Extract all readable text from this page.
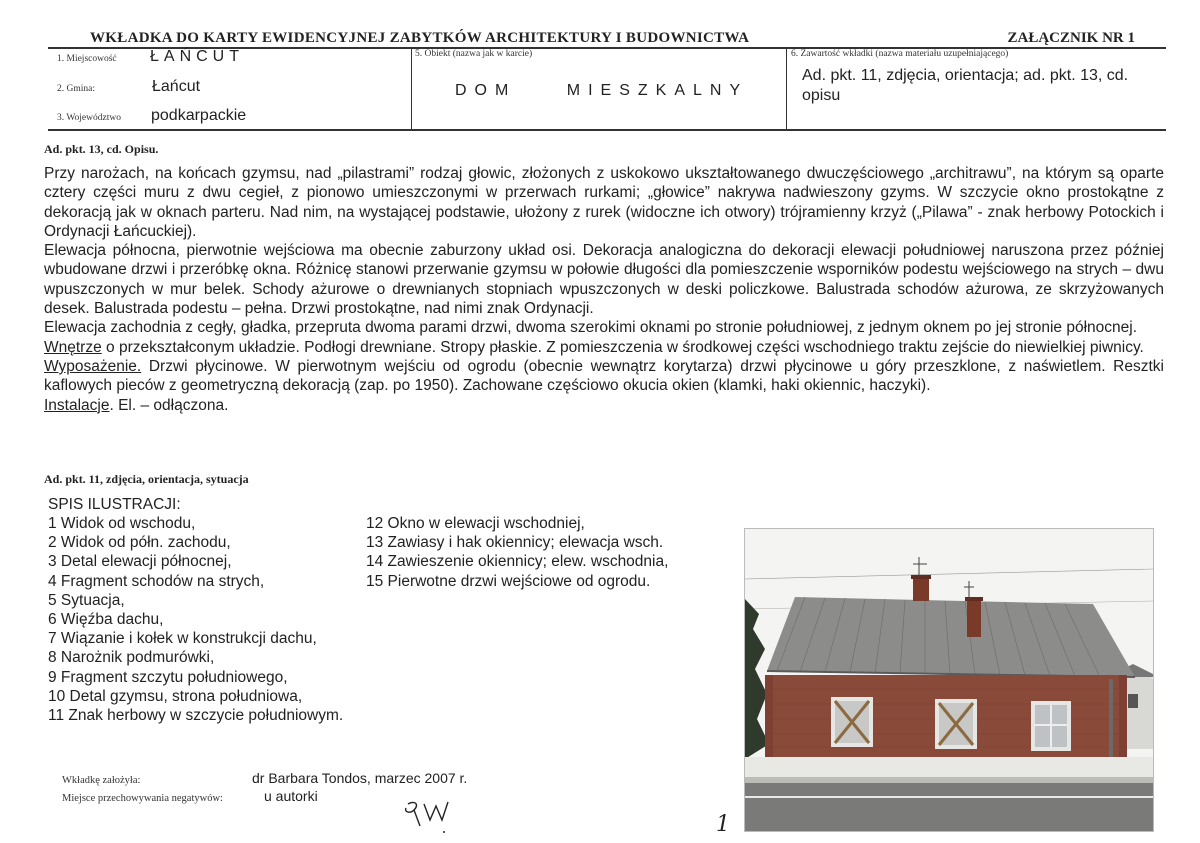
WKŁADKA DO KARTY EWIDENCYJNEJ ZABYTKÓW ARCHITEKTURY I BUDOWNICTWA	ZAŁĄCZNIK NR 1
1. Miejscowość ŁAŃCUT
2. Gmina:	Łańcut
3. Województwo podkarpackie
5. Obiekt (nazwa jak w karcie)
DOM MIESZKALNY
6. Zawartość wkładki (nazwa materiału uzupełniającego)
Ad. pkt. 11, zdjęcia, orientacja; ad. pkt. 13, cd. opisu
Ad. pkt. 13, cd. Opisu.

Przy narożach, na końcach gzymsu, nad „pilastrami” rodzaj głowic, złożonych z uskokowo ukształtowanego dwuczęściowego „architrawu”, na którym są oparte cztery części muru z dwu cegieł, z pionowo umieszczonymi w przerwach rurkami; „głowice” nakrywa nadwieszony gzyms. W szczycie okno prostokątne z dekoracją jak w oknach parteru. Nad nim, na wystającej podstawie, ułożony z rurek (widoczne ich otwory) trójramienny krzyż („Pilawa” - znak herbowy Potockich i Ordynacji Łańcuckiej).

Elewacja północna, pierwotnie wejściowa ma obecnie zaburzony układ osi. Dekoracja analogiczna do dekoracji elewacji południowej naruszona przez później wbudowane drzwi i przeróbkę okna. Różnicę stanowi przerwanie gzymsu w połowie długości dla pomieszczenie wsporników podestu wejściowego na strych – dwu wpuszczonych w mur belek. Schody ażurowe o drewnianych stopniach wpuszczonych w deski policzkowe. Balustrada schodów ażurowa, ze skrzyżowanych desek. Balustrada podestu – pełna. Drzwi prostokątne, nad nimi znak Ordynacji.

Elewacja zachodnia z cegły, gładka, przepruta dwoma parami drzwi, dwoma szerokimi oknami po stronie południowej, z jednym oknem po jej stronie północnej.

Wnętrze o przekształconym układzie. Podłogi drewniane. Stropy płaskie. Z pomieszczenia w środkowej części wschodniego traktu zejście do niewielkiej piwnicy.

Wyposażenie. Drzwi płycinowe. W pierwotnym wejściu od ogrodu (obecnie wewnątrz korytarza) drzwi płycinowe u góry przeszklone, z naświetlem. Resztki kaflowych pieców z geometryczną dekoracją (zap. po 1950). Zachowane częściowo okucia okien (klamki, haki okiennic, haczyki).

Instalacje. El. – odłączona.

Ad. pkt. 11, zdjęcia, orientacja, sytuacja
SPIS ILUSTRACJI:
1 Widok od wschodu,
2 Widok od półn. zachodu,
3 Detal elewacji północnej,
4 Fragment schodów na strych,
5 Sytuacja,
6 Więźba dachu,
7 Wiązanie i kołek w konstrukcji dachu,
8 Narożnik podmurówki,
9 Fragment szczytu południowego,
10 Detal gzymsu, strona południowa,
11 Znak herbowy w szczycie południowym.
12 Okno w elewacji wschodniej,
13 Zawiasy i hak okiennicy; elewacja wsch.
14 Zawieszenie okiennicy; elew. wschodnia,
15 Pierwotne drzwi wejściowe od ogrodu.
Wkładkę założyła:	dr Barbara Tondos, marzec 2007 r.
Miejsce przechowywania negatywów:	u autorki
1
